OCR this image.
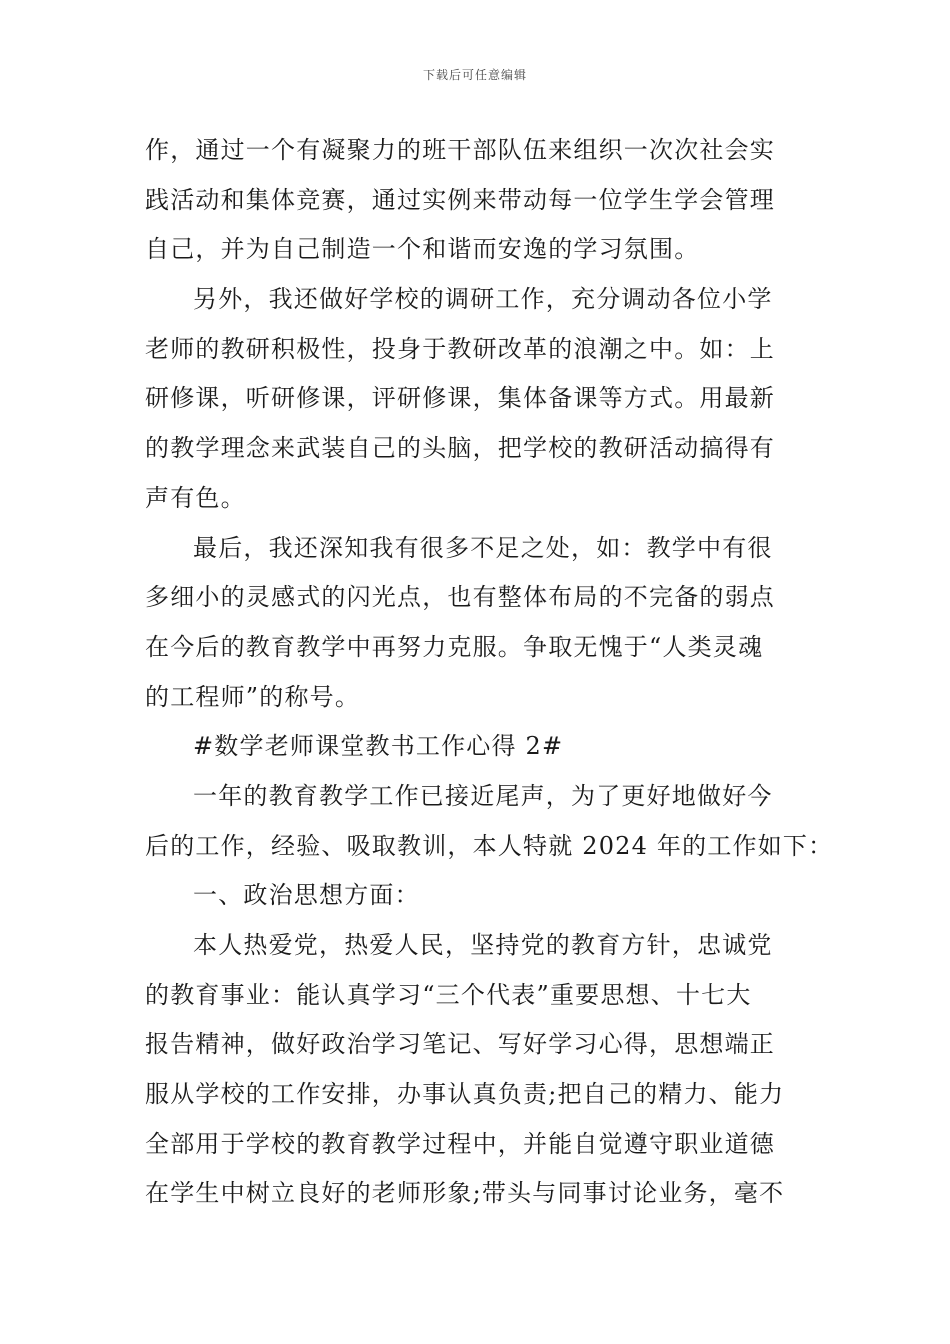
下载后可任意编辑
作，通过一个有凝聚力的班干部队伍来组织一次次社会实
践活动和集体竞赛，通过实例来带动每一位学生学会管理
自己，并为自己制造一个和谐而安逸的学习氛围。
另外，我还做好学校的调研工作，充分调动各位小学
老师的教研积极性，投身于教研改革的浪潮之中。如：上
研修课，听研修课，评研修课，集体备课等方式。用最新
的教学理念来武装自己的头脑，把学校的教研活动搞得有
声有色。
最后，我还深知我有很多不足之处，如：教学中有很
多细小的灵感式的闪光点，也有整体布局的不完备的弱点
在今后的教育教学中再努力克服。争取无愧于“人类灵魂
的工程师”的称号。
#数学老师课堂教书工作心得 2#
一年的教育教学工作已接近尾声，为了更好地做好今
后的工作，经验、吸取教训，本人特就 2024 年的工作如下：
一、政治思想方面：
本人热爱党，热爱人民，坚持党的教育方针，忠诚党
的教育事业：能认真学习“三个代表”重要思想、十七大
报告精神，做好政治学习笔记、写好学习心得，思想端正
服从学校的工作安排，办事认真负责;把自己的精力、能力
全部用于学校的教育教学过程中，并能自觉遵守职业道德
在学生中树立良好的老师形象;带头与同事讨论业务，毫不
